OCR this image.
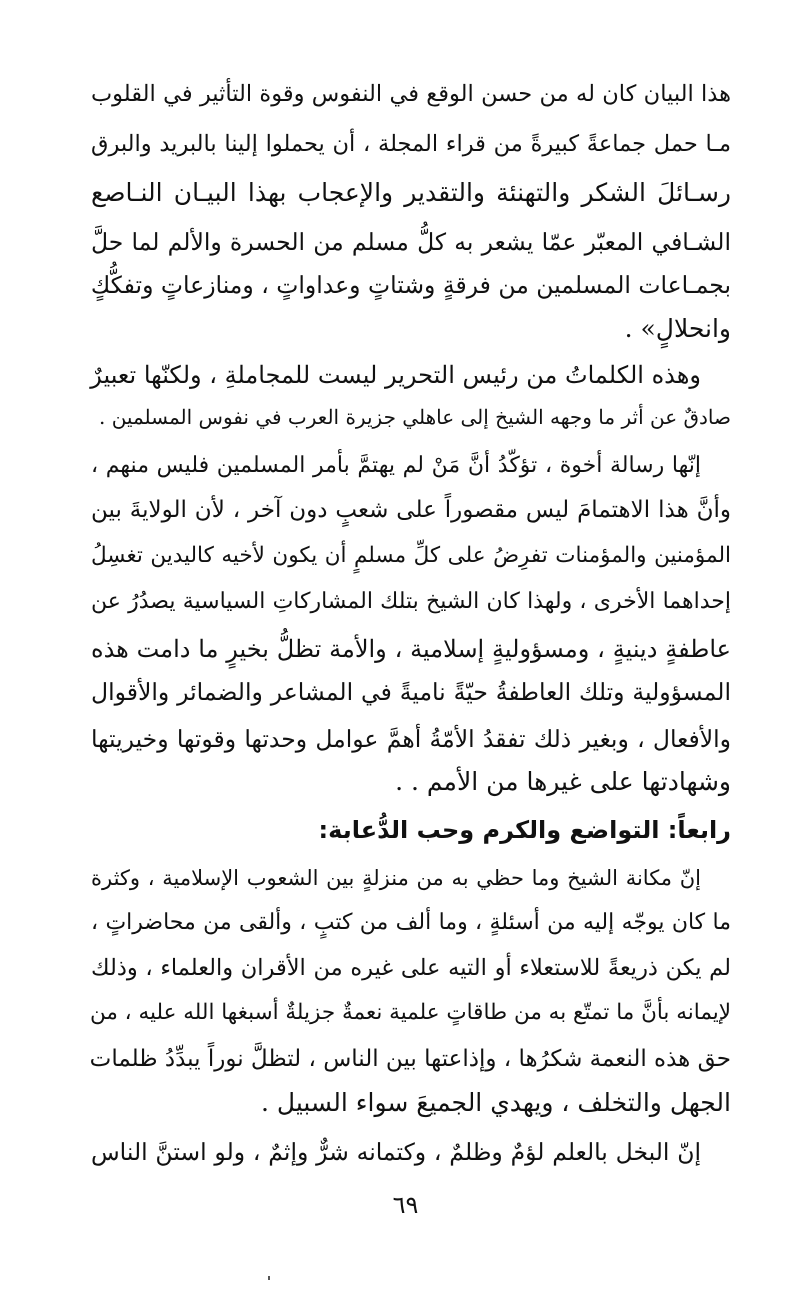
هذا البيان كان له من حسن الوقع في النفوس وقوة التأثير في القلوب
مـا حمل جماعةً كبيرةً من قراء المجلة ، أن يحملوا إلينا بالبريد والبرق
رسـائلَ الشكر والتهنئة والتقدير والإعجاب بهذا البيـان النـاصع
الشـافي المعبّر عمّا يشعر به كلُّ مسلم من الحسرة والألم لما حلَّ
بجمـاعات المسلمين من فرقةٍ وشتاتٍ وعداواتٍ ، ومنازعاتٍ وتفكُّكٍ
وانحلالٍ» .
وهذه الكلماتُ من رئيس التحرير ليست للمجاملةِ ، ولكنّها تعبيرٌ
صادقٌ عن أثر ما وجهه الشيخ إلى عاهلي جزيرة العرب في نفوس المسلمين .
إنّها رسالة أخوة ، تؤكّدُ أنَّ مَنْ لم يهتمَّ بأمر المسلمين فليس منهم ،
وأنَّ هذا الاهتمامَ ليس مقصوراً على شعبٍ دون آخر ، لأن الولايةَ بين
المؤمنين والمؤمنات تفرِضُ على كلِّ مسلمٍ أن يكون لأخيه كاليدين تغسِلُ
إحداهما الأخرى ، ولهذا كان الشيخ بتلك المشاركاتِ السياسية يصدُرُ عن
عاطفةٍ دينيةٍ ، ومسؤوليةٍ إسلامية ، والأمة تظلُّ بخيرٍ ما دامت هذه
المسؤولية وتلك العاطفةُ حيّةً ناميةً في المشاعر والضمائر والأقوال
والأفعال ، وبغير ذلك تفقدُ الأمّةُ أهمَّ عوامل وحدتها وقوتها وخيريتها
وشهادتها على غيرها من الأمم . .
رابعاً: التواضع والكرم وحب الدُّعابة:
إنّ مكانة الشيخ وما حظي به من منزلةٍ بين الشعوب الإسلامية ، وكثرة
ما كان يوجّه إليه من أسئلةٍ ، وما ألف من كتبٍ ، وألقى من محاضراتٍ ،
لم يكن ذريعةً للاستعلاء أو التيه على غيره من الأقران والعلماء ، وذلك
لإيمانه بأنَّ ما تمتّع به من طاقاتٍ علمية نعمةٌ جزيلةٌ أسبغها الله عليه ، من
حق هذه النعمة شكرُها ، وإذاعتها بين الناس ، لتظلَّ نوراً يبدِّدُ ظلمات
الجهل والتخلف ، ويهدي الجميعَ سواء السبيل .
إنّ البخل بالعلم لؤمٌ وظلمٌ ، وكتمانه شرٌّ وإثمٌ ، ولو استنَّ الناس
٦٩
